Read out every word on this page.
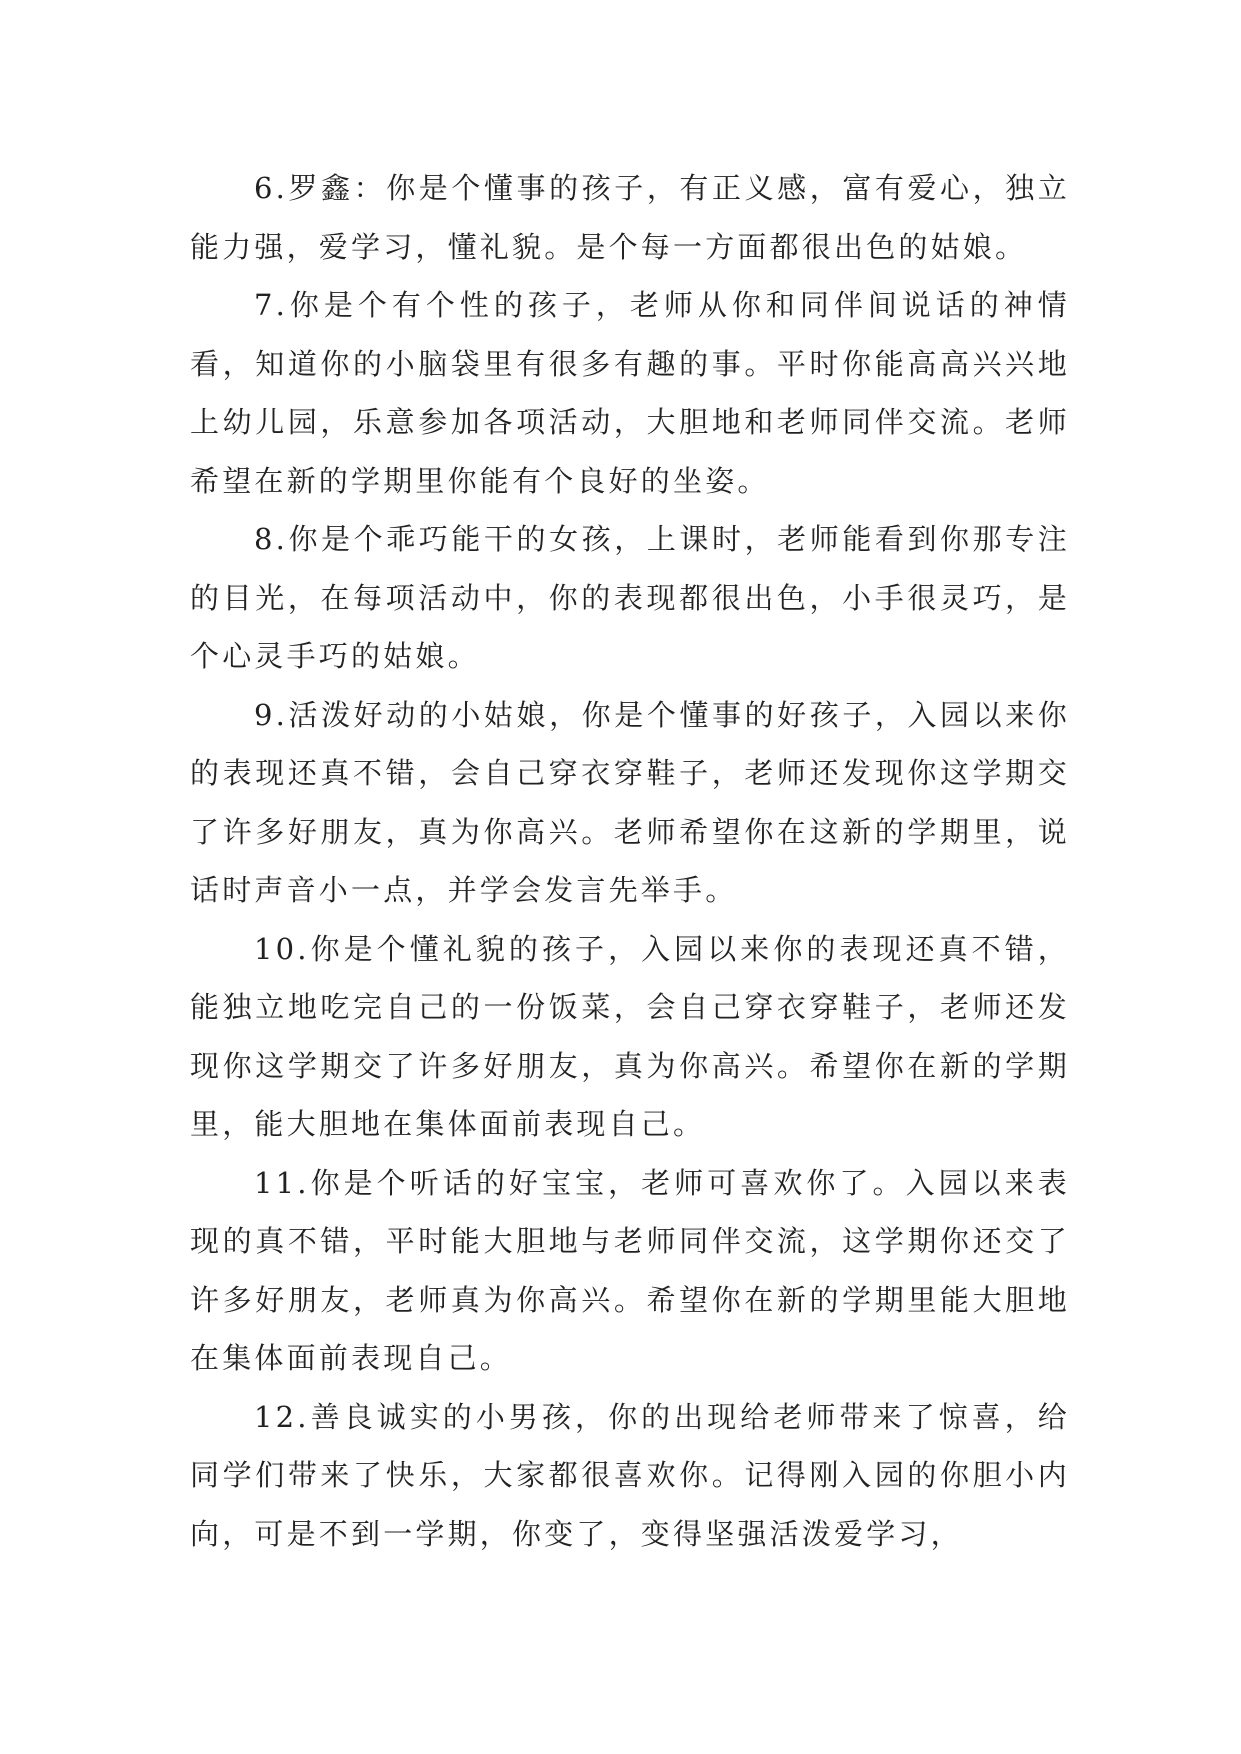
6.罗鑫：你是个懂事的孩子，有正义感，富有爱心，独立能力强，爱学习，懂礼貌。是个每一方面都很出色的姑娘。

7.你是个有个性的孩子，老师从你和同伴间说话的神情看，知道你的小脑袋里有很多有趣的事。平时你能高高兴兴地上幼儿园，乐意参加各项活动，大胆地和老师同伴交流。老师希望在新的学期里你能有个良好的坐姿。

8.你是个乖巧能干的女孩，上课时，老师能看到你那专注的目光，在每项活动中，你的表现都很出色，小手很灵巧，是个心灵手巧的姑娘。

9.活泼好动的小姑娘，你是个懂事的好孩子，入园以来你的表现还真不错，会自己穿衣穿鞋子，老师还发现你这学期交了许多好朋友，真为你高兴。老师希望你在这新的学期里，说话时声音小一点，并学会发言先举手。

10.你是个懂礼貌的孩子，入园以来你的表现还真不错，能独立地吃完自己的一份饭菜，会自己穿衣穿鞋子，老师还发现你这学期交了许多好朋友，真为你高兴。希望你在新的学期里，能大胆地在集体面前表现自己。

11.你是个听话的好宝宝，老师可喜欢你了。入园以来表现的真不错，平时能大胆地与老师同伴交流，这学期你还交了许多好朋友，老师真为你高兴。希望你在新的学期里能大胆地在集体面前表现自己。

12.善良诚实的小男孩，你的出现给老师带来了惊喜，给同学们带来了快乐，大家都很喜欢你。记得刚入园的你胆小内向，可是不到一学期，你变了，变得坚强活泼爱学习，
